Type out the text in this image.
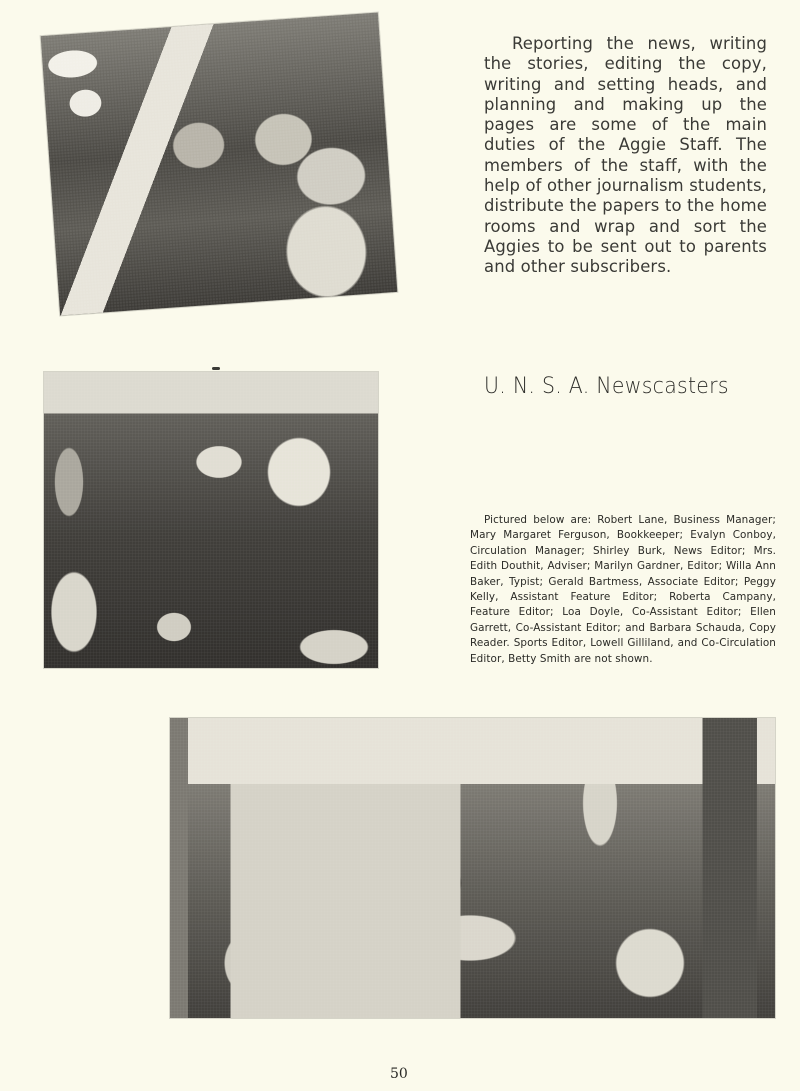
Reporting the news, writing the stories, editing the copy, writing and setting heads, and planning and making up the pages are some of the main duties of the Aggie Staff. The members of the staff, with the help of other journalism students, distribute the papers to the home rooms and wrap and sort the Aggies to be sent out to parents and other subscribers.

U. N. S. A. Newscasters

Pictured below are: Robert Lane, Business Manager; Mary Margaret Ferguson, Bookkeeper; Evalyn Conboy, Circulation Manager; Shirley Burk, News Editor; Mrs. Edith Douthit, Adviser; Marilyn Gardner, Editor; Willa Ann Baker, Typist; Gerald Bartmess, Associate Editor; Peggy Kelly, Assistant Feature Editor; Roberta Campany, Feature Editor; Loa Doyle, Co-Assistant Editor; Ellen Garrett, Co-Assistant Editor; and Barbara Schauda, Copy Reader. Sports Editor, Lowell Gilliland, and Co-Circulation Editor, Betty Smith are not shown.

50
